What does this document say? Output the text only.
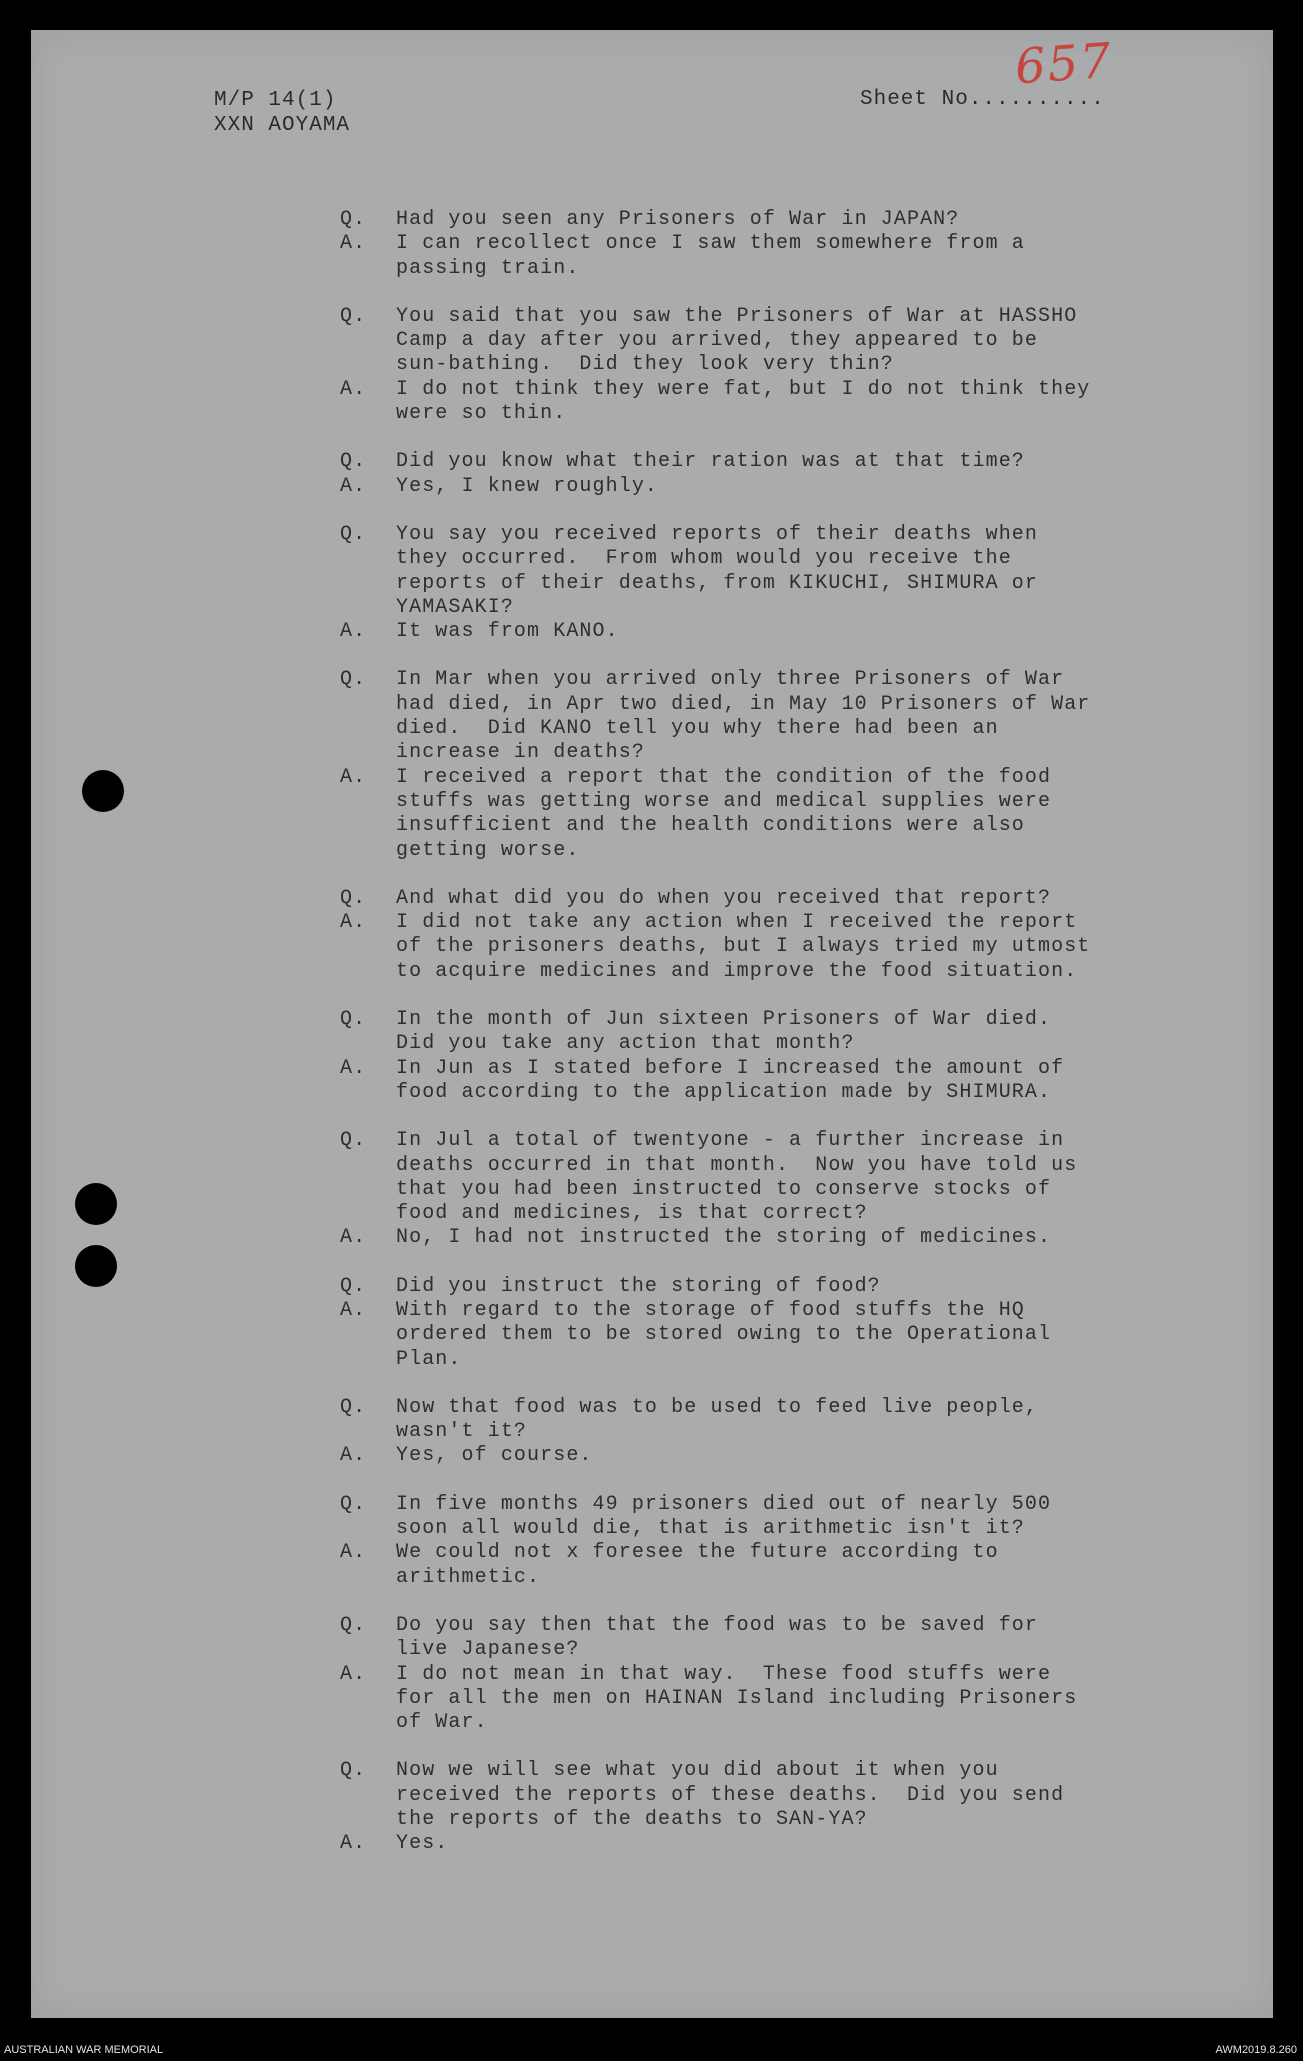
M/P 14(1)
XXN AOYAMA
Sheet No..........
657
Q.	Had you seen any Prisoners of War in JAPAN?
A.	I can recollect once I saw them somewhere from a
passing train.
Q.	You said that you saw the Prisoners of War at HASSHO
Camp a day after you arrived, they appeared to be
sun-bathing.  Did they look very thin?
A.	I do not think they were fat, but I do not think they
were so thin.
Q.	Did you know what their ration was at that time?
A.	Yes, I knew roughly.
Q.	You say you received reports of their deaths when
they occurred.  From whom would you receive the
reports of their deaths, from KIKUCHI, SHIMURA or
YAMASAKI?
A.	It was from KANO.
Q.	In Mar when you arrived only three Prisoners of War
had died, in Apr two died, in May 10 Prisoners of War
died.  Did KANO tell you why there had been an
increase in deaths?
A.	I received a report that the condition of the food
stuffs was getting worse and medical supplies were
insufficient and the health conditions were also
getting worse.
Q.	And what did you do when you received that report?
A.	I did not take any action when I received the report
of the prisoners deaths, but I always tried my utmost
to acquire medicines and improve the food situation.
Q.	In the month of Jun sixteen Prisoners of War died.
Did you take any action that month?
A.	In Jun as I stated before I increased the amount of
food according to the application made by SHIMURA.
Q.	In Jul a total of twentyone - a further increase in
deaths occurred in that month.  Now you have told us
that you had been instructed to conserve stocks of
food and medicines, is that correct?
A.	No, I had not instructed the storing of medicines.
Q.	Did you instruct the storing of food?
A.	With regard to the storage of food stuffs the HQ
ordered them to be stored owing to the Operational
Plan.
Q.	Now that food was to be used to feed live people,
wasn't it?
A.	Yes, of course.
Q.	In five months 49 prisoners died out of nearly 500
soon all would die, that is arithmetic isn't it?
A.	We could not x foresee the future according to
arithmetic.
Q.	Do you say then that the food was to be saved for
live Japanese?
A.	I do not mean in that way.  These food stuffs were
for all the men on HAINAN Island including Prisoners
of War.
Q.	Now we will see what you did about it when you
received the reports of these deaths.  Did you send
the reports of the deaths to SAN-YA?
A.	Yes.
AUSTRALIAN WAR MEMORIAL	AWM2019.8.260
